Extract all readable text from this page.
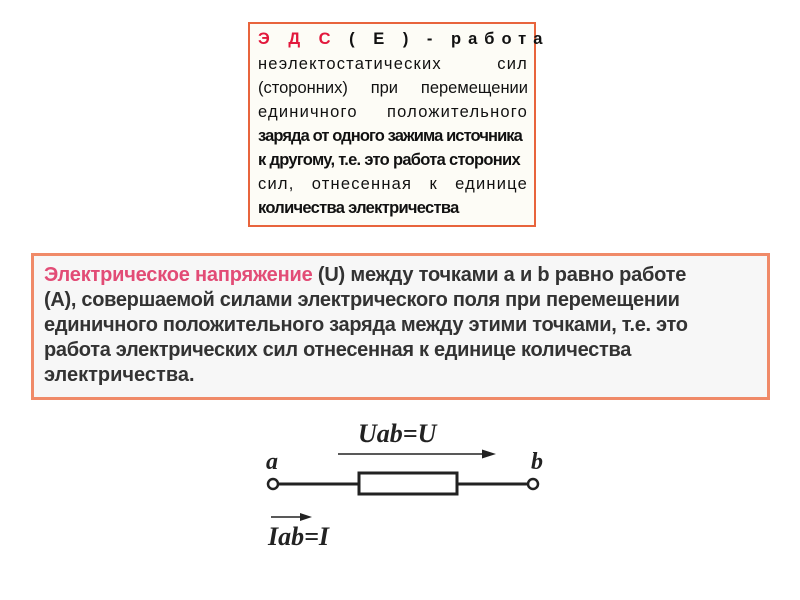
Э Д С ( Е ) - работа
неэлектостатических сил
(сторонних) при перемещении
единичного положительного
заряда от одного зажима источника
к другому, т.е. это работа стороних
сил, отнесенная к единице
количества электричества
Электрическое напряжение (U) между точками a и b равно работе
(А), совершаемой силами электрического поля при перемещении
единичного положительного заряда между этими точками, т.е. это
работа электрических сил отнесенная к единице количества
электричества.
Uab=U
a	b
Iab=I
